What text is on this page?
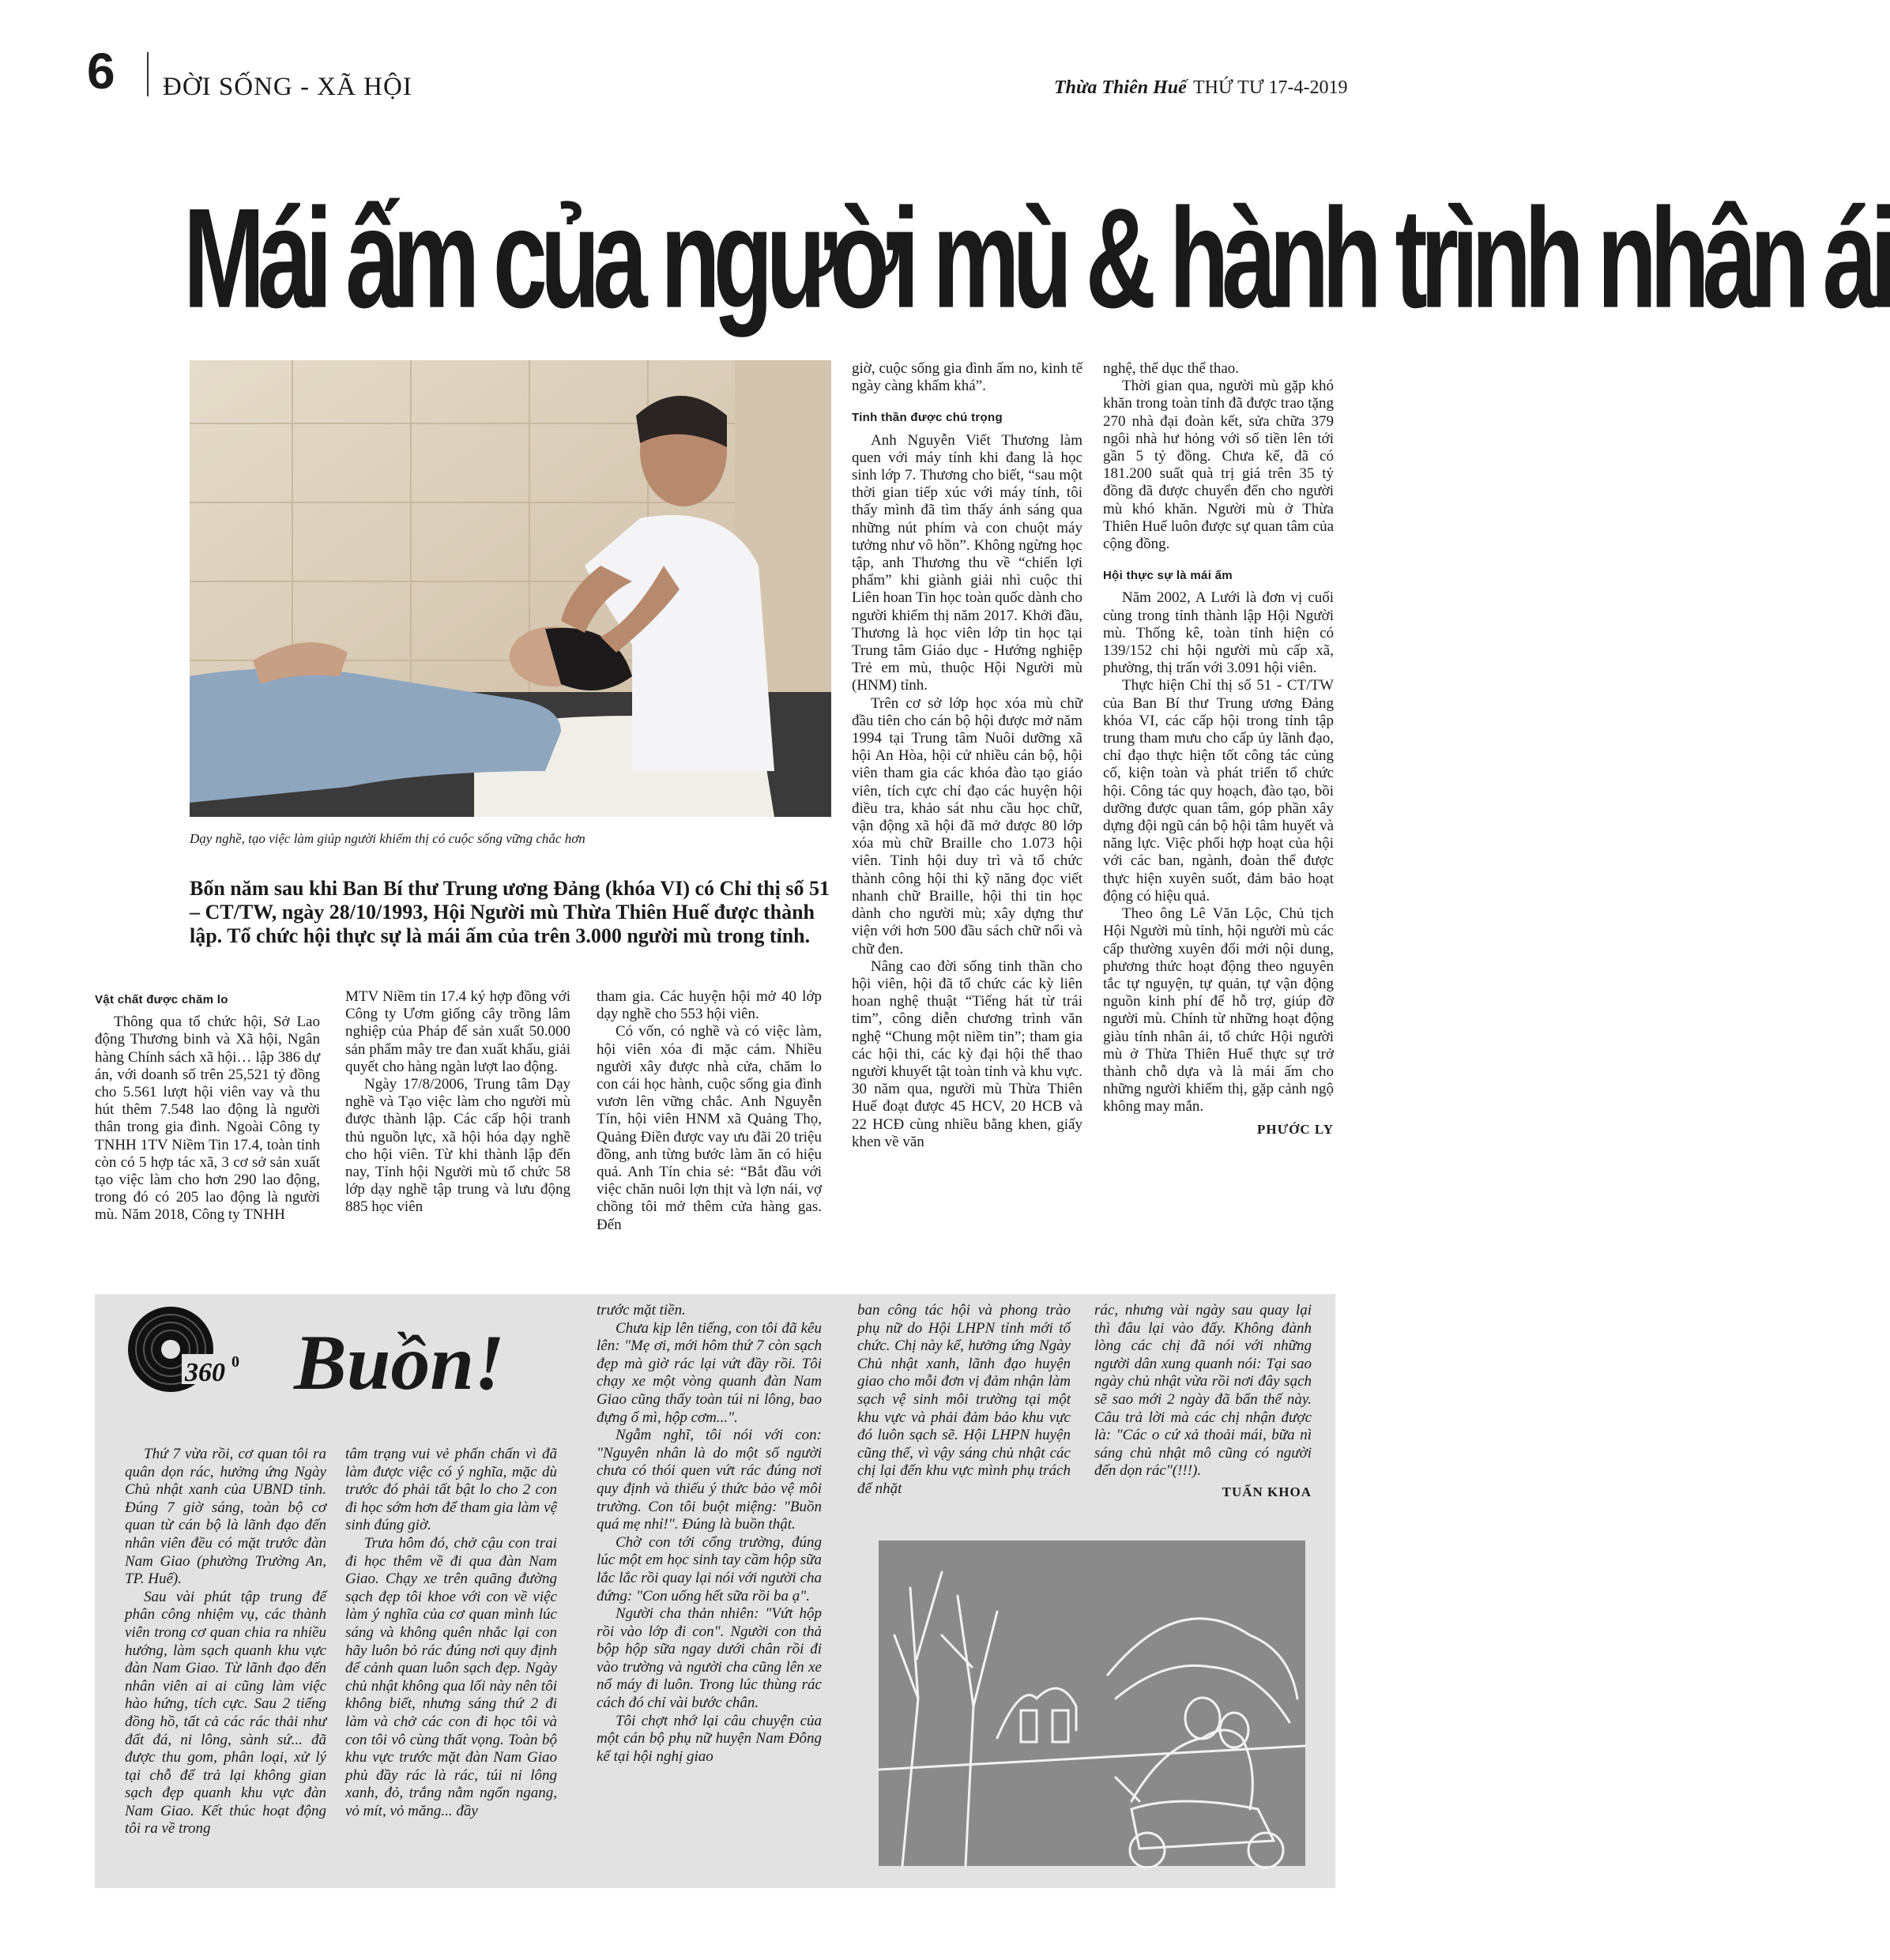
6 ĐỜI SỐNG - XÃ HỘI	Thừa Thiên Huế THỨ TƯ 17-4-2019
Mái ấm của người mù & hành trình nhân ái
Dạy nghề, tạo việc làm giúp người khiếm thị có cuộc sống vững chắc hơn
Bốn năm sau khi Ban Bí thư Trung ương Đảng (khóa VI) có Chỉ thị số 51 – CT/TW, ngày 28/10/1993, Hội Người mù Thừa Thiên Huế được thành lập. Tổ chức hội thực sự là mái ấm của trên 3.000 người mù trong tỉnh.

Vật chất được chăm lo

Thông qua tổ chức hội, Sở Lao động Thương binh và Xã hội, Ngân hàng Chính sách xã hội… lập 386 dự án, với doanh số trên 25,521 tỷ đồng cho 5.561 lượt hội viên vay và thu hút thêm 7.548 lao động là người thân trong gia đình. Ngoài Công ty TNHH 1TV Niềm Tin 17.4, toàn tỉnh còn có 5 hợp tác xã, 3 cơ sở sản xuất tạo việc làm cho hơn 290 lao động, trong đó có 205 lao động là người mù. Năm 2018, Công ty TNHH

MTV Niềm tin 17.4 ký hợp đồng với Công ty Ươm giống cây trồng lâm nghiệp của Pháp để sản xuất 50.000 sản phẩm mây tre đan xuất khẩu, giải quyết cho hàng ngàn lượt lao động.

Ngày 17/8/2006, Trung tâm Dạy nghề và Tạo việc làm cho người mù được thành lập. Các cấp hội tranh thủ nguồn lực, xã hội hóa dạy nghề cho hội viên. Từ khi thành lập đến nay, Tỉnh hội Người mù tổ chức 58 lớp dạy nghề tập trung và lưu động 885 học viên

tham gia. Các huyện hội mở 40 lớp dạy nghề cho 553 hội viên.

Có vốn, có nghề và có việc làm, hội viên xóa đi mặc cảm. Nhiều người xây được nhà cửa, chăm lo con cái học hành, cuộc sống gia đình vươn lên vững chắc. Anh Nguyễn Tín, hội viên HNM xã Quảng Thọ, Quảng Điền được vay ưu đãi 20 triệu đồng, anh từng bước làm ăn có hiệu quả. Anh Tín chia sẻ: “Bắt đầu với việc chăn nuôi lợn thịt và lợn nái, vợ chồng tôi mở thêm cửa hàng gas. Đến

giờ, cuộc sống gia đình ấm no, kinh tế ngày càng khấm khá”.

Tinh thần được chú trọng

Anh Nguyễn Viết Thương làm quen với máy tính khi đang là học sinh lớp 7. Thương cho biết, “sau một thời gian tiếp xúc với máy tính, tôi thấy mình đã tìm thấy ánh sáng qua những nút phím và con chuột máy tưởng như vô hồn”. Không ngừng học tập, anh Thương thu về “chiến lợi phẩm” khi giành giải nhì cuộc thi Liên hoan Tin học toàn quốc dành cho người khiếm thị năm 2017. Khởi đầu, Thương là học viên lớp tin học tại Trung tâm Giáo dục - Hướng nghiệp Trẻ em mù, thuộc Hội Người mù (HNM) tỉnh.

Trên cơ sở lớp học xóa mù chữ đầu tiên cho cán bộ hội được mở năm 1994 tại Trung tâm Nuôi dưỡng xã hội An Hòa, hội cử nhiều cán bộ, hội viên tham gia các khóa đào tạo giáo viên, tích cực chỉ đạo các huyện hội điều tra, khảo sát nhu cầu học chữ, vận động xã hội đã mở được 80 lớp xóa mù chữ Braille cho 1.073 hội viên. Tỉnh hội duy trì và tổ chức thành công hội thi kỹ năng đọc viết nhanh chữ Braille, hội thi tin học dành cho người mù; xây dựng thư viện với hơn 500 đầu sách chữ nổi và chữ đen.

Nâng cao đời sống tinh thần cho hội viên, hội đã tổ chức các kỳ liên hoan nghệ thuật “Tiếng hát từ trái tim”, công diễn chương trình văn nghệ “Chung một niềm tin”; tham gia các hội thi, các kỳ đại hội thể thao người khuyết tật toàn tỉnh và khu vực. 30 năm qua, người mù Thừa Thiên Huế đoạt được 45 HCV, 20 HCB và 22 HCĐ cùng nhiều bằng khen, giấy khen về văn

nghệ, thể dục thể thao.

Thời gian qua, người mù gặp khó khăn trong toàn tỉnh đã được trao tặng 270 nhà đại đoàn kết, sửa chữa 379 ngôi nhà hư hỏng với số tiền lên tới gần 5 tỷ đồng. Chưa kể, đã có 181.200 suất quà trị giá trên 35 tỷ đồng đã được chuyển đến cho người mù khó khăn. Người mù ở Thừa Thiên Huế luôn được sự quan tâm của cộng đồng.

Hội thực sự là mái ấm

Năm 2002, A Lưới là đơn vị cuối cùng trong tỉnh thành lập Hội Người mù. Thống kê, toàn tỉnh hiện có 139/152 chi hội người mù cấp xã, phường, thị trấn với 3.091 hội viên.

Thực hiện Chỉ thị số 51 - CT/TW của Ban Bí thư Trung ương Đảng khóa VI, các cấp hội trong tỉnh tập trung tham mưu cho cấp ủy lãnh đạo, chỉ đạo thực hiện tốt công tác củng cố, kiện toàn và phát triển tổ chức hội. Công tác quy hoạch, đào tạo, bồi dưỡng được quan tâm, góp phần xây dựng đội ngũ cán bộ hội tâm huyết và năng lực. Việc phối hợp hoạt của hội với các ban, ngành, đoàn thể được thực hiện xuyên suốt, đảm bảo hoạt động có hiệu quả.

Theo ông Lê Văn Lộc, Chủ tịch Hội Người mù tỉnh, hội người mù các cấp thường xuyên đổi mới nội dung, phương thức hoạt động theo nguyên tắc tự nguyện, tự quản, tự vận động nguồn kinh phí để hỗ trợ, giúp đỡ người mù. Chính từ những hoạt động giàu tính nhân ái, tổ chức Hội người mù ở Thừa Thiên Huế thực sự trở thành chỗ dựa và là mái ấm cho những người khiếm thị, gặp cảnh ngộ không may mắn.

PHƯỚC LY

360 0 Buồn!

Thứ 7 vừa rồi, cơ quan tôi ra quân dọn rác, hưởng ứng Ngày Chủ nhật xanh của UBND tỉnh. Đúng 7 giờ sáng, toàn bộ cơ quan từ cán bộ là lãnh đạo đến nhân viên đều có mặt trước đàn Nam Giao (phường Trường An, TP. Huế).

Sau vài phút tập trung để phân công nhiệm vụ, các thành viên trong cơ quan chia ra nhiều hướng, làm sạch quanh khu vực đàn Nam Giao. Từ lãnh đạo đến nhân viên ai ai cũng làm việc hào hứng, tích cực. Sau 2 tiếng đồng hồ, tất cả các rác thải như đất đá, ni lông, sành sứ... đã được thu gom, phân loại, xử lý tại chỗ để trả lại không gian sạch đẹp quanh khu vực đàn Nam Giao. Kết thúc hoạt động tôi ra về trong

tâm trạng vui vẻ phấn chấn vì đã làm được việc có ý nghĩa, mặc dù trước đó phải tất bật lo cho 2 con đi học sớm hơn để tham gia làm vệ sinh đúng giờ.

Trưa hôm đó, chở cậu con trai đi học thêm về đi qua đàn Nam Giao. Chạy xe trên quãng đường sạch đẹp tôi khoe với con về việc làm ý nghĩa của cơ quan mình lúc sáng và không quên nhắc lại con hãy luôn bỏ rác đúng nơi quy định để cảnh quan luôn sạch đẹp. Ngày chủ nhật không qua lối này nên tôi không biết, nhưng sáng thứ 2 đi làm và chở các con đi học tôi và con tôi vô cùng thất vọng. Toàn bộ khu vực trước mặt đàn Nam Giao phủ đầy rác là rác, túi ni lông xanh, đỏ, trắng nằm ngổn ngang, vỏ mít, vỏ măng... đầy

trước mặt tiền.

Chưa kịp lên tiếng, con tôi đã kêu lên: "Mẹ ơi, mới hôm thứ 7 còn sạch đẹp mà giờ rác lại vứt đầy rồi. Tôi chạy xe một vòng quanh đàn Nam Giao cũng thấy toàn túi ni lông, bao đựng ổ mì, hộp cơm...".

Ngẫm nghĩ, tôi nói với con: "Nguyên nhân là do một số người chưa có thói quen vứt rác đúng nơi quy định và thiếu ý thức bảo vệ môi trường. Con tôi buột miệng: "Buồn quá mẹ nhỉ!". Đúng là buồn thật.

Chờ con tới cổng trường, đúng lúc một em học sinh tay cầm hộp sữa lắc lắc rồi quay lại nói với người cha đứng: "Con uống hết sữa rồi ba ạ".

Người cha thản nhiên: "Vứt hộp rồi vào lớp đi con". Người con thả bộp hộp sữa ngay dưới chân rồi đi vào trường và người cha cũng lên xe nổ máy đi luôn. Trong lúc thùng rác cách đó chỉ vài bước chân.

Tôi chợt nhớ lại câu chuyện của một cán bộ phụ nữ huyện Nam Đông kể tại hội nghị giao

ban công tác hội và phong trào phụ nữ do Hội LHPN tỉnh mới tổ chức. Chị này kể, hưởng ứng Ngày Chủ nhật xanh, lãnh đạo huyện giao cho mỗi đơn vị đảm nhận làm sạch vệ sinh môi trường tại một khu vực và phải đảm bảo khu vực đó luôn sạch sẽ. Hội LHPN huyện cũng thế, vì vậy sáng chủ nhật các chị lại đến khu vực mình phụ trách để nhặt

rác, nhưng vài ngày sau quay lại thì đâu lại vào đấy. Không đành lòng các chị đã nói với những người dân xung quanh nói: Tại sao ngày chủ nhật vừa rồi nơi đây sạch sẽ sao mới 2 ngày đã bẩn thế này. Câu trả lời mà các chị nhận được là: "Các o cứ xả thoải mái, bữa nì sáng chủ nhật mô cũng có người đến dọn rác"(!!!).

TUẤN KHOA
